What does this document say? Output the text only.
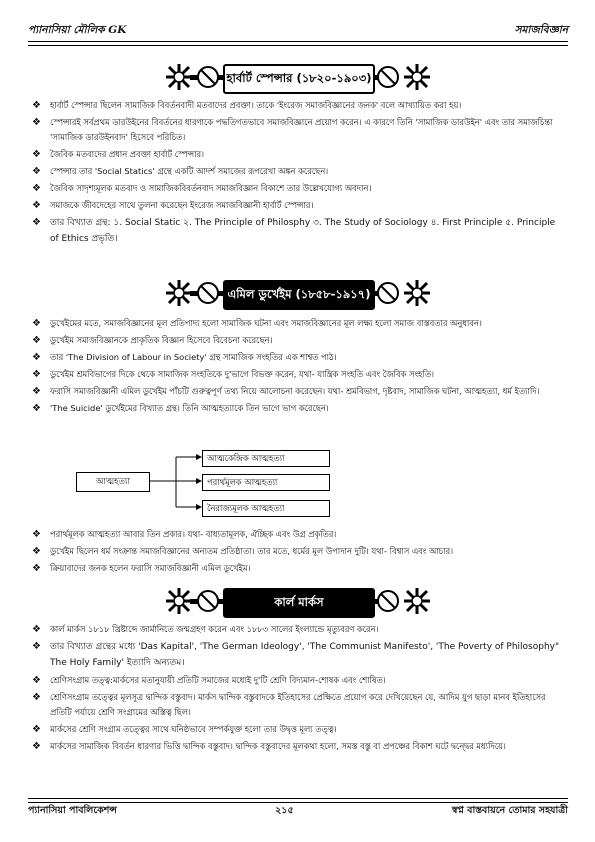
প্যানাসিয়া মৌলিক GK	সমাজবিজ্ঞান
হার্বার্ট স্পেন্সার (১৮২০-১৯০৩)
❖ হার্বার্ট স্পেন্সার ছিলেন সামাজিক বিবর্তনবাদী মতবাদের প্রবক্তা। তাকে 'ইংরেজ সমাজবিজ্ঞানের জনক' বলে আখ্যায়িত করা হয়।
❖ স্পেন্সারই সর্বপ্রথম ডারউইনের বিবর্তনের ধারণাকে পদ্ধতিগতভাবে সমাজবিজ্ঞানে প্রয়োগ করেন। এ কারণে তিনি 'সামাজিক ডারউইন' এবং তার সমাজচিন্তা 'সামাজিক ডারউইনবাদ' হিসেবে পরিচিত।
❖ জৈবিক মতবাদের প্রধান প্রবক্তা হার্বার্ট স্পেন্সার।
❖ স্পেন্সার তার 'Social Statics' গ্রন্থে একটি আদর্শ সমাজের রূপরেখা অঙ্কন করেছেন।
❖ জৈবিক সাদৃশ্যমূলক মতবাদ ও সামাজিকবিবর্তনবাদ সমাজবিজ্ঞান বিকাশে তার উল্লেখযোগ্য অবদান।
❖ সমাজকে জীবদেহের সাথে তুলনা করেছেন ইংরেজ সমাজবিজ্ঞানী হার্বার্ট স্পেন্সার।
❖ তার বিখ্যাত গ্রন্থ: ১. Social Static ২. The Principle of Philosphy ৩. The Study of Sociology ৪. First Principle ৫. Principle of Ethics প্রভৃতি।
এমিল ডুর্খেইম (১৮৫৮-১৯১৭)
❖ ডুর্খেইমের মতে, সমাজবিজ্ঞানের মূল প্রতিপাদ্য হলো সামাজিক ঘটনা এবং সমাজবিজ্ঞানের মূল লক্ষ্য হলো সমাজ বাস্তবতার অনুধাবন।
❖ ডুর্খেইম সমাজবিজ্ঞানকে প্রাকৃতিক বিজ্ঞান হিসেবে বিবেচনা করেছেন।
❖ তার 'The Division of Labour in Society' গ্রন্থ সামাজিক সংহতির এক শাশ্বত পাঠ।
❖ ডুর্খেইম শ্রমবিভাগের দিকে থেকে সামাজিক সংহতিকে দু'ভাগে বিভক্ত করেন, যথা- যান্ত্রিক সংহতি এবং জৈবিক সংহতি।
❖ ফরাসি সমাজবিজ্ঞানী এমিল ডুর্খেইম পাঁচটি গুরুত্বপূর্ণ তথ্য নিয়ে আলোচনা করেছেন। যথা- শ্রমবিভাগ, দৃষ্টবাদ, সামাজিক ঘটনা, আত্মহত্যা, ধর্ম ইত্যাদি।
❖ 'The Suicide' ডুর্খেইমের বিখ্যাত গ্রন্থ। তিনি আত্মহত্যাকে তিন ভাগে ভাগ করেছেন।
আত্মহত্যা
আত্মকেন্দ্রিক আত্মহত্যা
পরার্থমূলক আত্মহত্যা
নৈরাজ্যমূলক আত্মহত্যা
❖ পরার্থমূলক আত্মহত্যা আবার তিন প্রকার। যথা- বাধ্যতামূলক, ঐচ্ছিক এবং উগ্র প্রকৃতির।
❖ ডুর্খেইম ছিলেন ধর্ম সংক্রান্ত সমাজবিজ্ঞানের অন্যতম প্রতিষ্ঠাতা। তার মতে, ধর্মের মূল উপাদান দুটি। যথা- বিশ্বাস এবং আচার।
❖ ক্রিয়াবাদের জনক হলেন ফরাসি সমাজবিজ্ঞানী এমিল ডুর্খেইম।
কার্ল মার্কস
❖ কার্ল মার্কস ১৮১৮ খ্রিষ্টাব্দে জার্মানিতে জন্মগ্রহণ করেন এবং ১৮৮৩ সালের ইংল্যান্ডে মৃত্যুবরণ করেন।
❖ তার বিখ্যাত গ্রন্থের মধ্যে 'Das Kapital', 'The German Ideology', 'The Communist Manifesto', 'The Poverty of Philosophy" The Holy Family' ইত্যাদি অন্যতম।
❖ শ্রেণিসংগ্রাম তত্ত্ব:মার্কসের মতানুযায়ী প্রতিটি সমাজের মধ্যেই দু'টি শ্রেণি বিদ্যমান-শোষক এবং শোষিত।
❖ শ্রেণিসংগ্রাম তত্ত্বের মূলসূত্র দ্বান্দিক বস্তুবাদ। মার্কস দ্বান্দিক বস্তুবাদকে ইতিহাসের প্রেক্ষিতে প্রয়োগ করে দেখিয়েছেন যে, আদিম যুগ ছাড়া মানব ইতিহাসের প্রতিটি পর্যায়ে শ্রেণি সংগ্রামের অস্তিত্ব ছিল।
❖ মার্কসের শ্রেণি সংগ্রাম তত্ত্বের সাথে ঘনিষ্ঠভাবে সম্পর্কযুক্ত হলো তার উদ্বৃত্ত মূল্য তত্ত্ব।
❖ মার্কসের সামাজিক বিবর্তন ধারণার ভিত্তি দ্বান্দিক বস্তুবাদ। দ্বান্দিক বস্তুবাদের মূলকথা হলো, সমস্ত বস্তু বা প্রপঞ্চের বিকাশ ঘটে দ্বন্দ্বের মধ্যদিয়ে।
প্যানাসিয়া পাবলিকেশন্স	২১৫	স্বপ্ন বাস্তবায়নে তোমার সহযাত্রী
